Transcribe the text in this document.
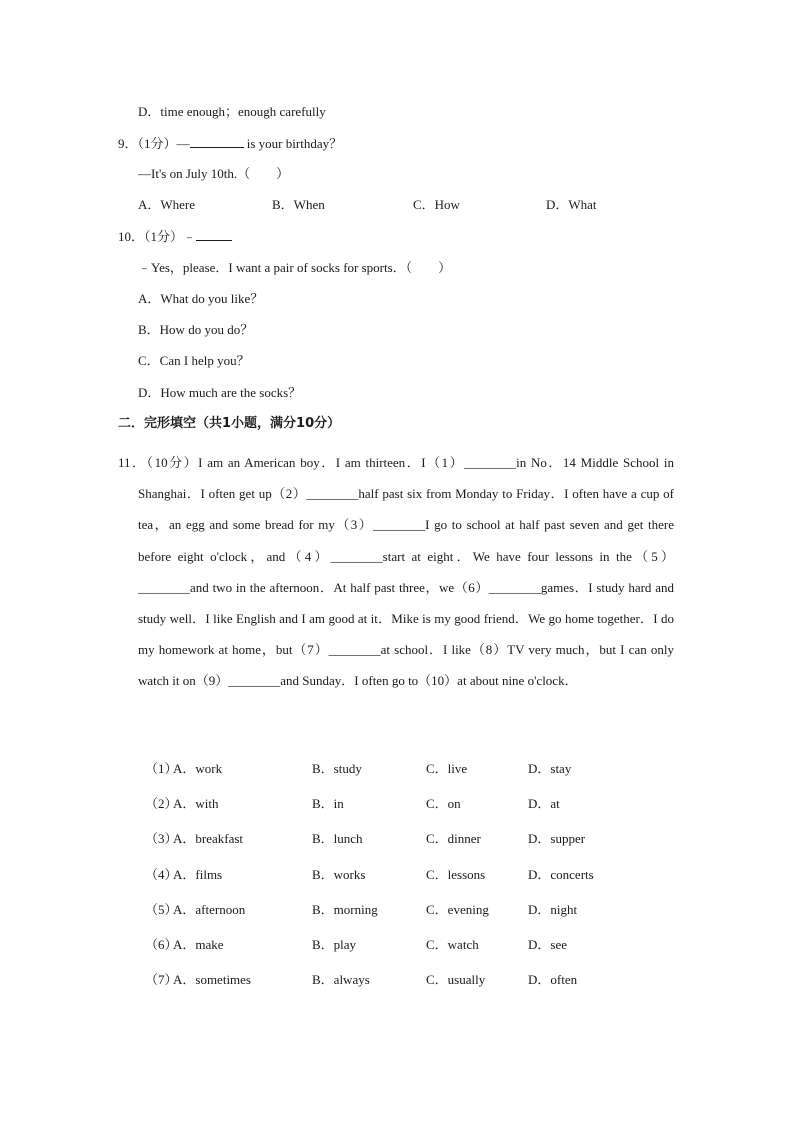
D．time enough；enough carefully
9．（1分）—	is your birthday？
—It's on July 10th.（　　）
A．Where	B．When	C．How	D．What
10．（1分）﹣
﹣Yes，please．I want a pair of socks for sports．（　　）
A．What do you like？
B．How do you do？
C．Can I help you？
D．How much are the socks？
二．完形填空（共1小题，满分10分）

11．（10分）I am an American boy．I am thirteen．I（1）________in No．14 Middle School in Shanghai．I often get up（2）________half past six from Monday to Friday．I often have a cup of tea，an egg and some bread for my（3）________I go to school at half past seven and get there before eight o'clock，and（4）________start at eight．We have four lessons in the（5）________and two in the afternoon．At half past three，we（6）________games．I study hard and study well．I like English and I am good at it．Mike is my good friend．We go home together．I do my homework at home，but（7）________at school．I like（8）TV very much，but I can only watch it on（9）________and Sunday．I often go to（10）at about nine o'clock．

（1）
A．work	B．study	C．live	D．stay
（2）
A．with	B．in	C．on	D．at
（3）
A．breakfast	B．lunch	C．dinner	D．supper
（4）
A．films	B．works	C．lessons	D．concerts
（5）
A．afternoon	B．morning	C．evening	D．night
（6）
A．make	B．play	C．watch	D．see
（7）
A．sometimes	B．always	C．usually	D．often
